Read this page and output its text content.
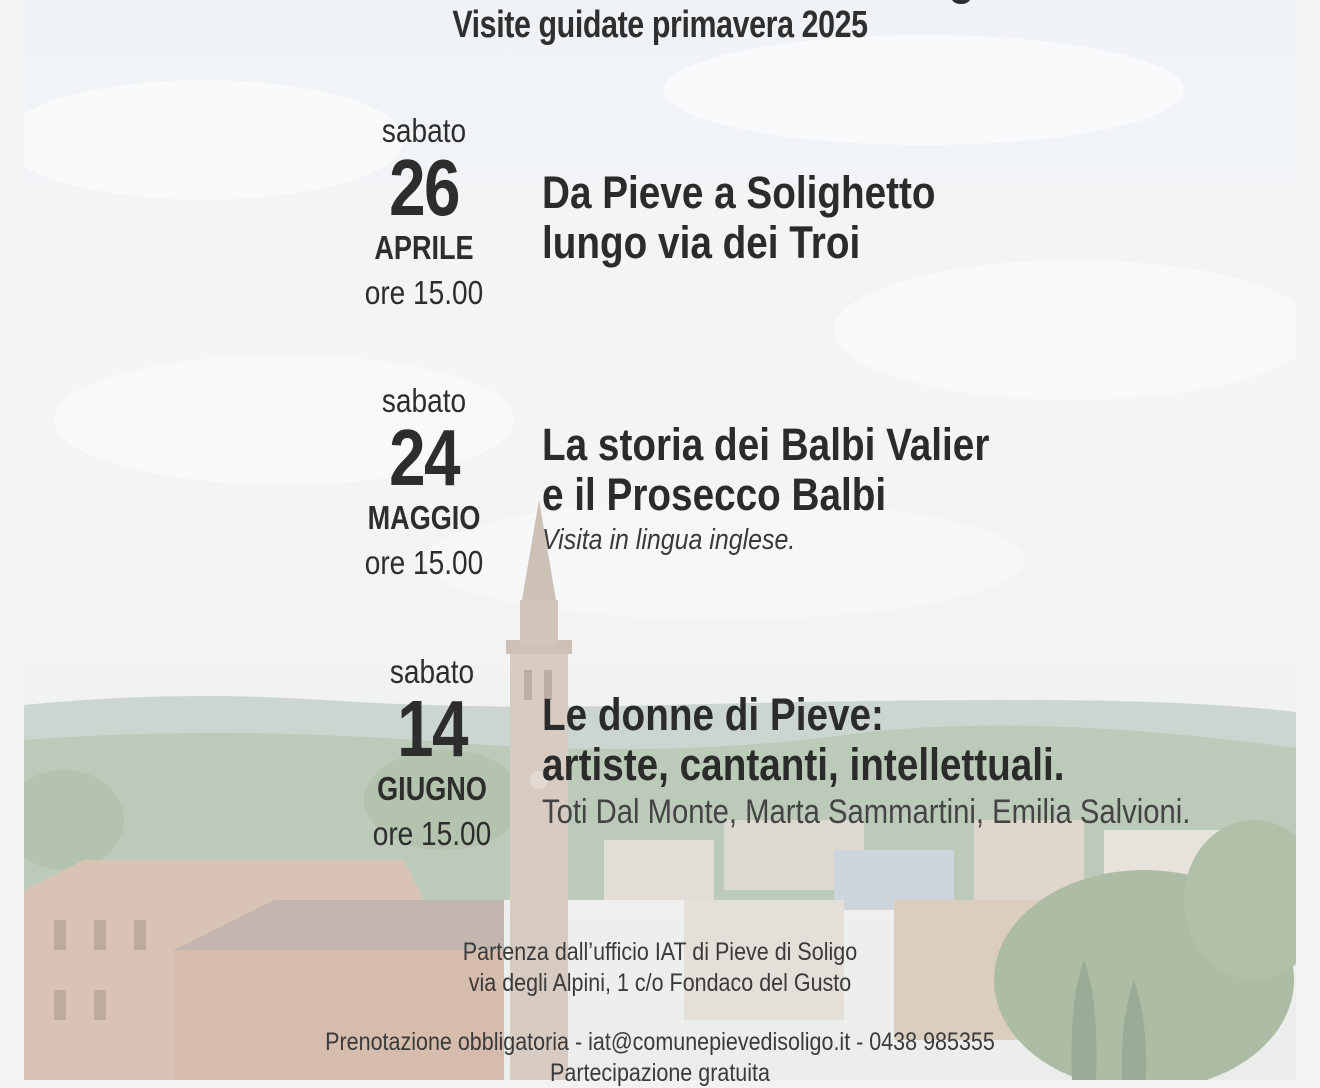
Visite guidate primavera 2025
sabato
26
APRILE
ore 15.00
Da Pieve a Solighetto
lungo via dei Troi
sabato
24
MAGGIO
ore 15.00
La storia dei Balbi Valier
e il Prosecco Balbi
Visita in lingua inglese.
sabato
14
GIUGNO
ore 15.00
Le donne di Pieve:
artiste, cantanti, intellettuali.
Toti Dal Monte, Marta Sammartini, Emilia Salvioni.
Partenza dall’ufficio IAT di Pieve di Soligo
via degli Alpini, 1 c/o Fondaco del Gusto
Prenotazione obbligatoria - iat@comunepievedisoligo.it - 0438 985355
Partecipazione gratuita
